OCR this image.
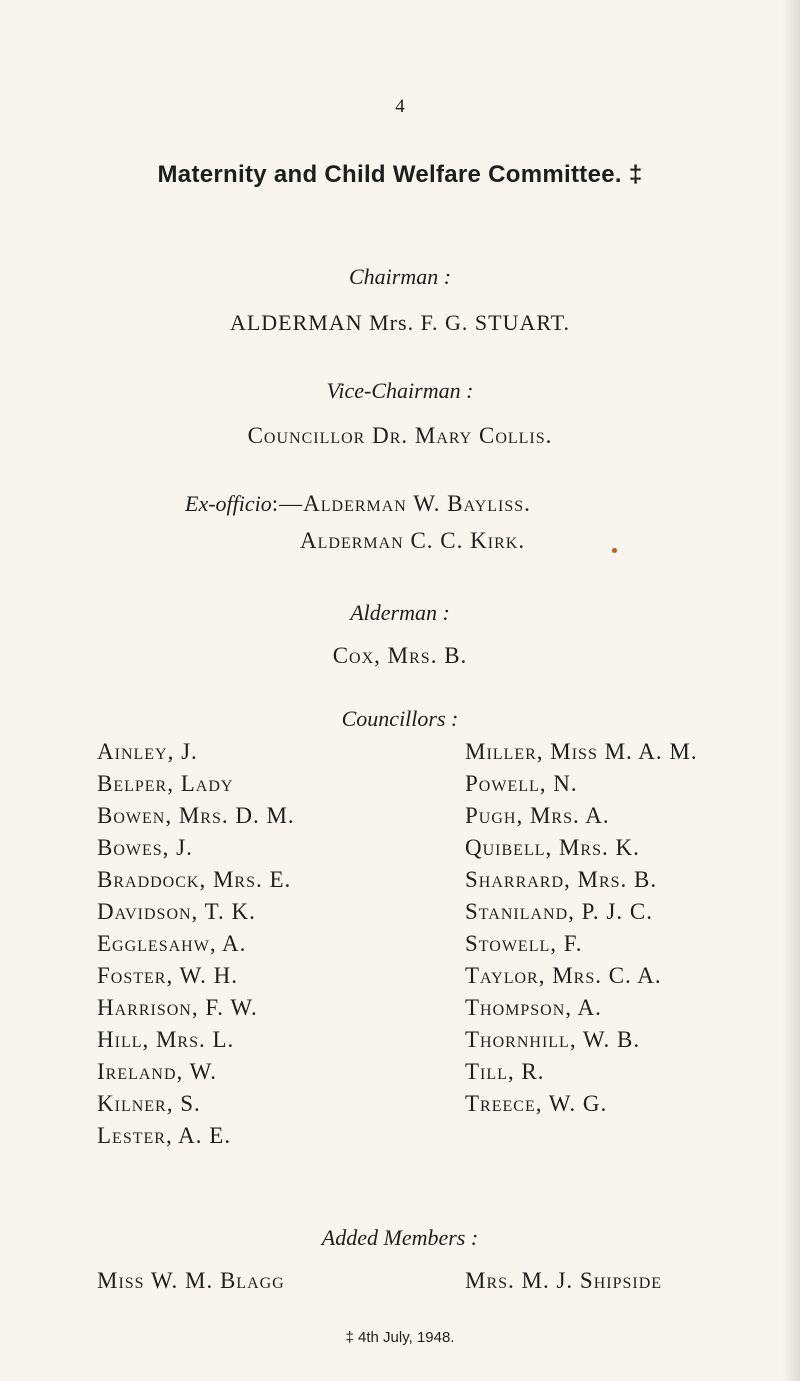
4
Maternity and Child Welfare Committee. ‡
Chairman :
ALDERMAN Mrs. F. G. STUART.
Vice-Chairman :
Councillor Dr. Mary Collis.
Ex-officio:—Alderman W. Bayliss.
Alderman C. C. Kirk.
Alderman :
Cox, Mrs. B.
Councillors :
Ainley, J.
Belper, Lady
Bowen, Mrs. D. M.
Bowes, J.
Braddock, Mrs. E.
Davidson, T. K.
Egglesahw, A.
Foster, W. H.
Harrison, F. W.
Hill, Mrs. L.
Ireland, W.
Kilner, S.
Lester, A. E.
Miller, Miss M. A. M.
Powell, N.
Pugh, Mrs. A.
Quibell, Mrs. K.
Sharrard, Mrs. B.
Staniland, P. J. C.
Stowell, F.
Taylor, Mrs. C. A.
Thompson, A.
Thornhill, W. B.
Till, R.
Treece, W. G.
Added Members :
Miss W. M. Blagg	Mrs. M. J. Shipside
‡ 4th July, 1948.
